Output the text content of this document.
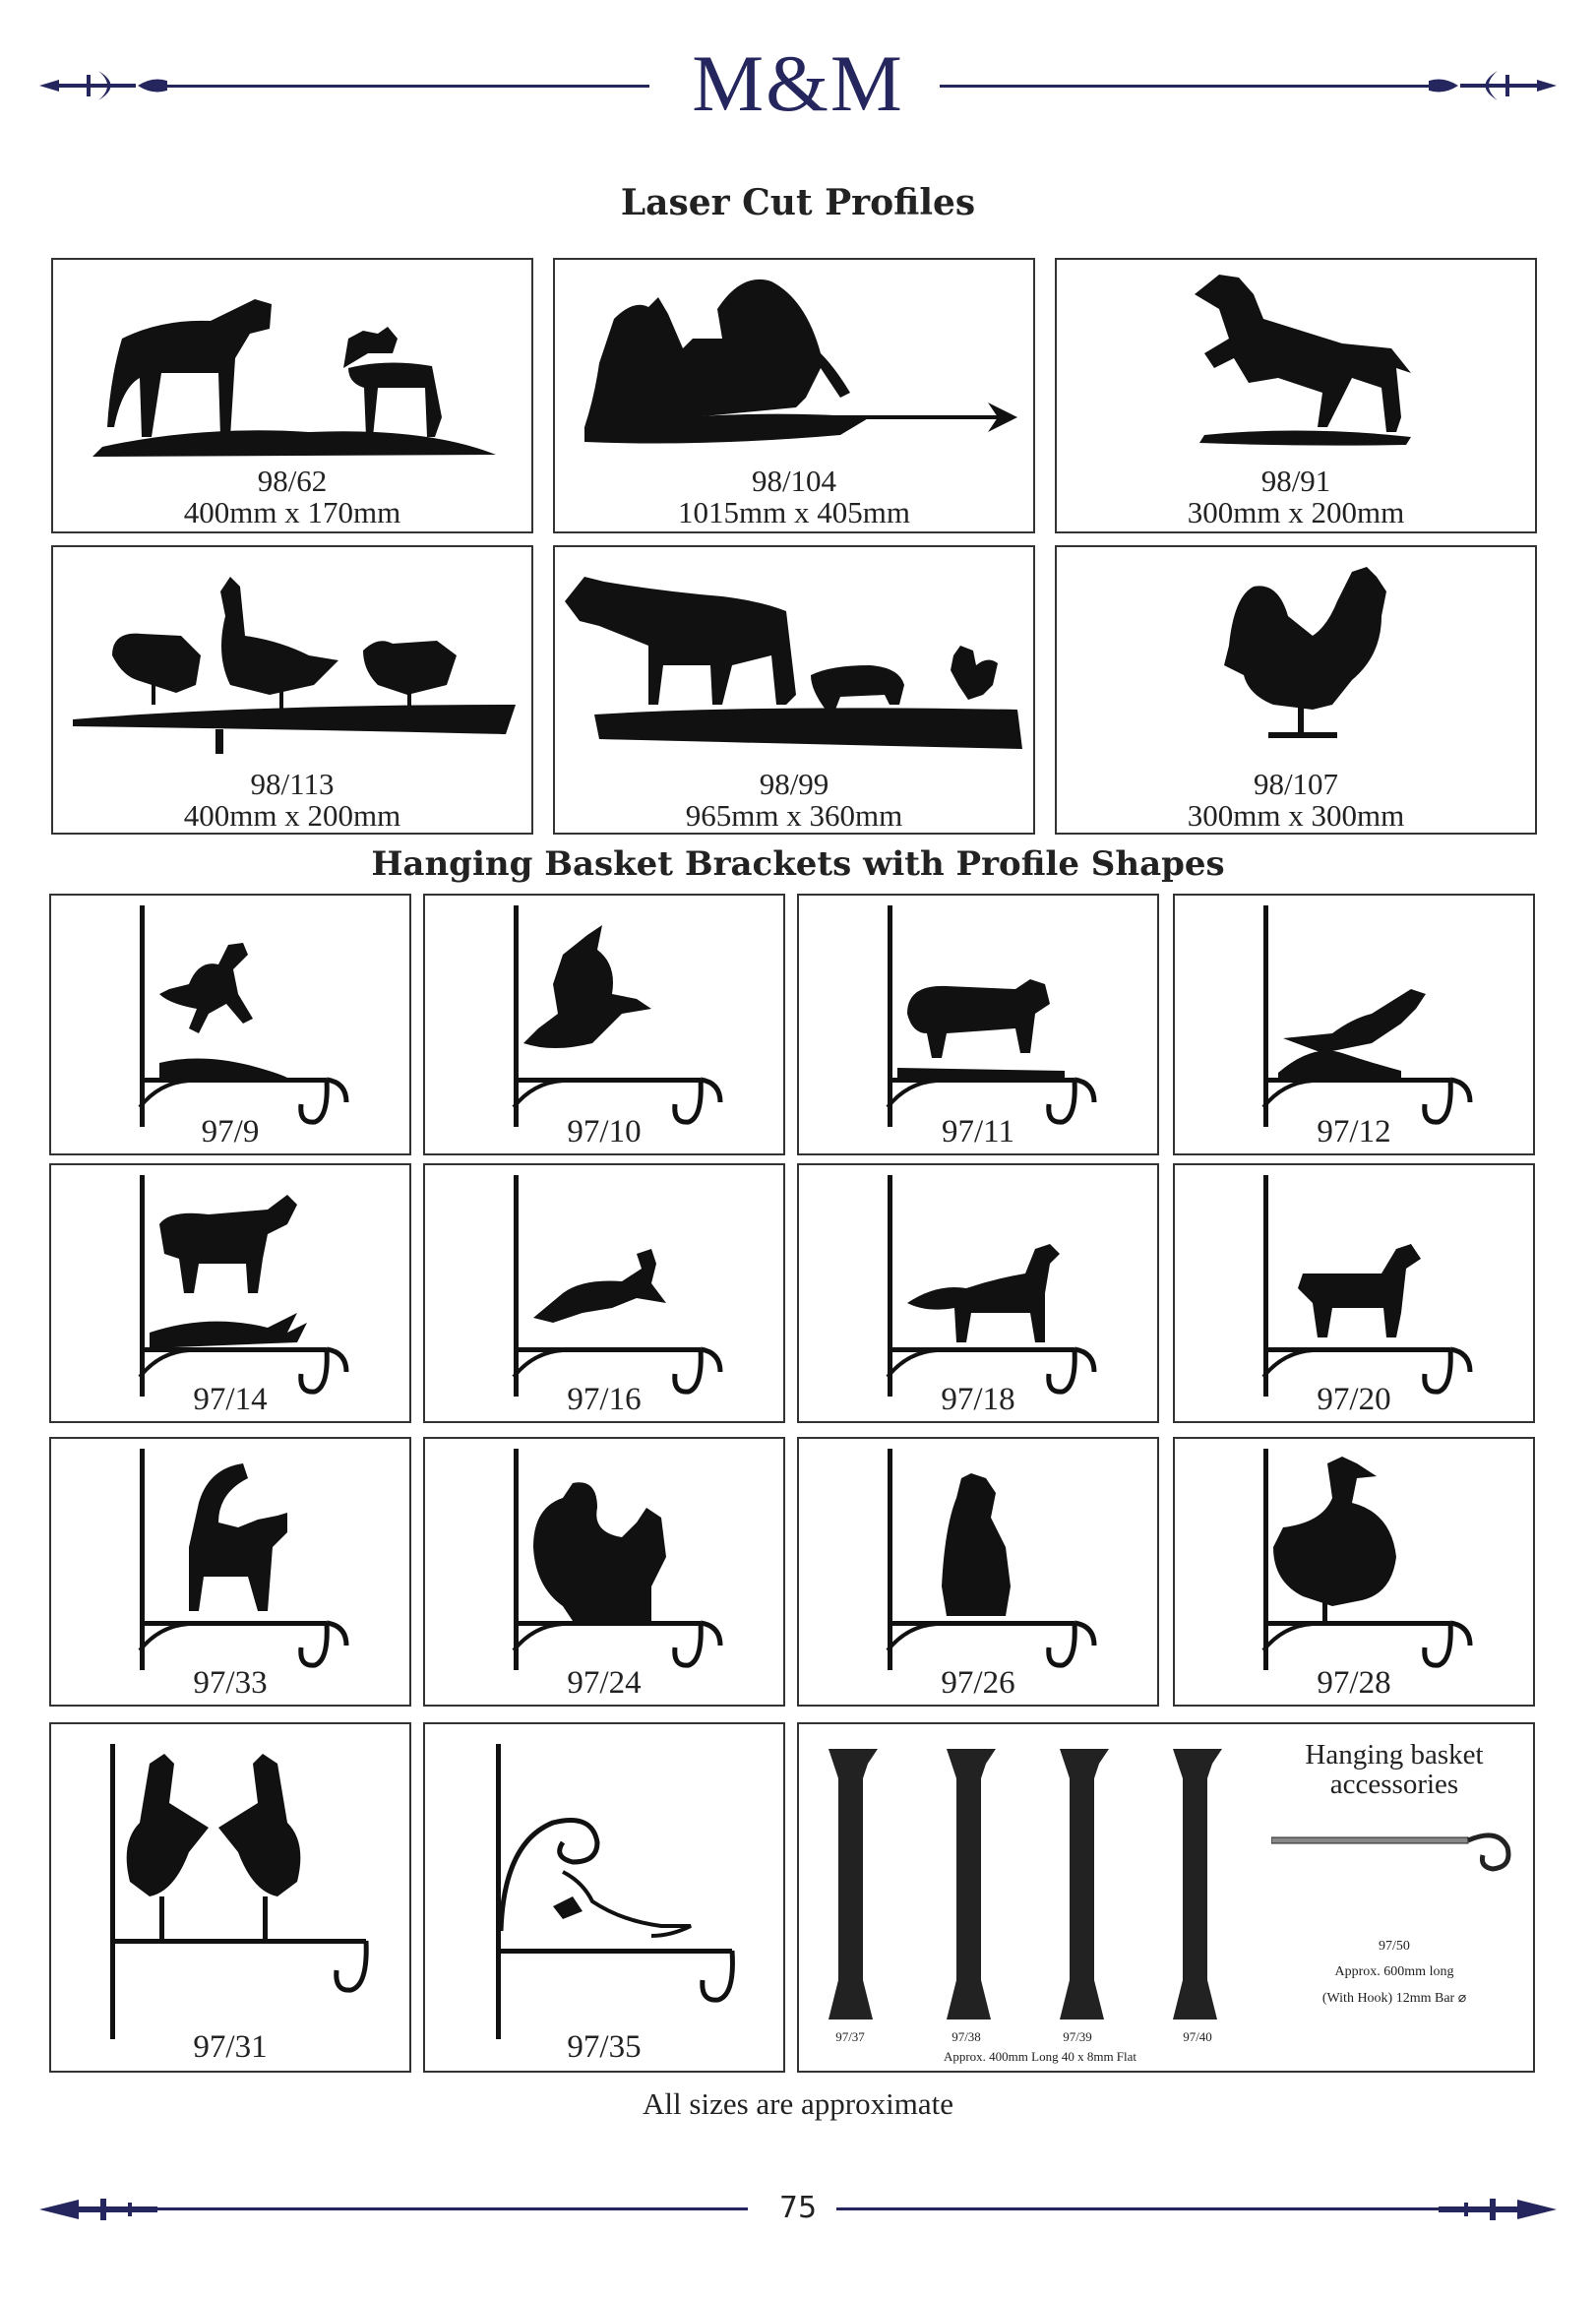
M&M
Laser Cut Profiles
98/62
400mm x 170mm
98/104
1015mm x 405mm
98/91
300mm x 200mm
98/113
400mm x 200mm
98/99
965mm x 360mm
98/107
300mm x 300mm
Hanging Basket Brackets with Profile Shapes
97/9	97/10	97/11	97/12
97/14	97/16	97/18	97/20
97/33	97/24	97/26	97/28
97/31	97/35	97/37	97/38	97/39	97/40
Approx. 400mm Long 40 x 8mm Flat
Hanging basket
accessories
97/50
Approx. 600mm long
(With Hook) 12mm Bar ⌀
All sizes are approximate
75
